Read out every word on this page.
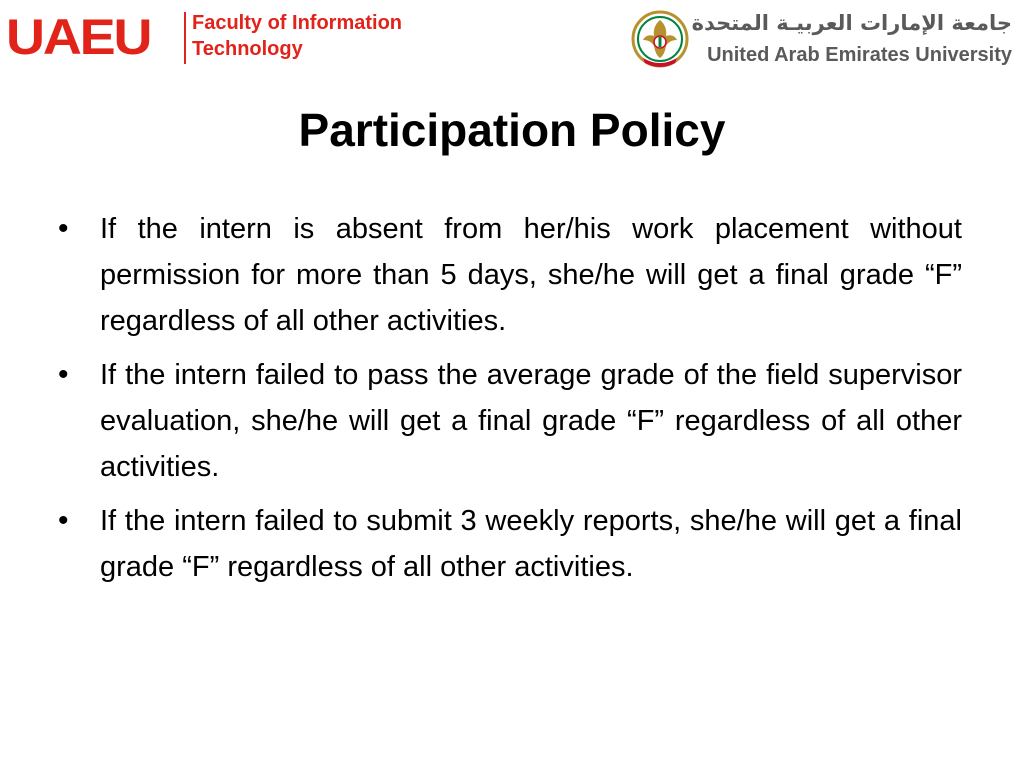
UAEU Faculty of Information
Technology
جامعة الإمارات العربيـة المتحدة
United Arab Emirates University
Participation Policy
• If the intern is absent from her/his work placement without permission for more than 5 days, she/he will get a final grade “F” regardless of all other activities.
• If the intern failed to pass the average grade of the field supervisor evaluation, she/he will get a final grade “F” regardless of all other activities.
• If the intern failed to submit 3 weekly reports, she/he will get a final grade “F” regardless of all other activities.
